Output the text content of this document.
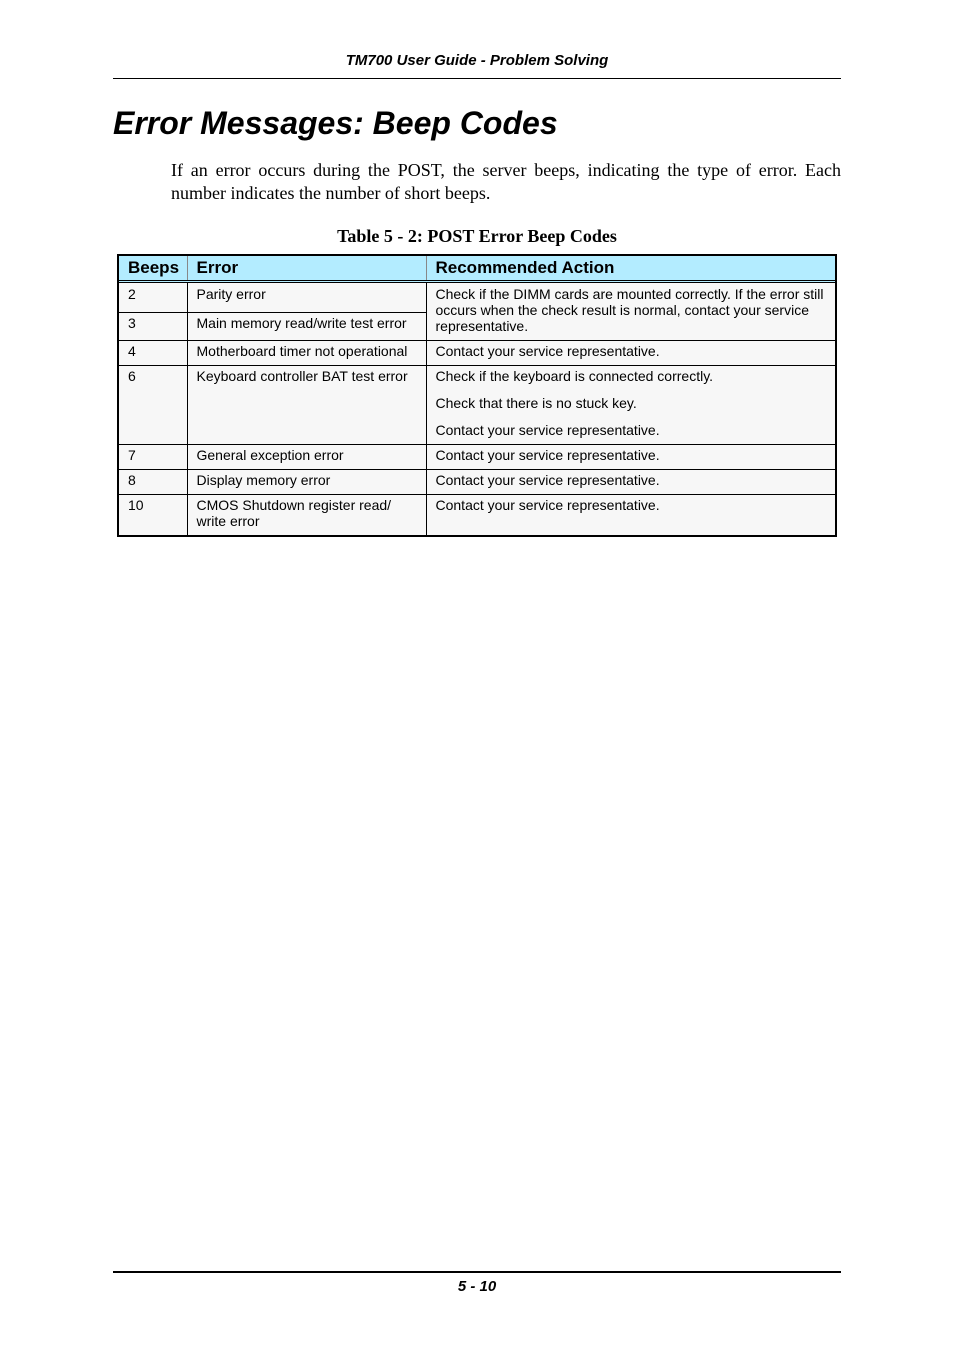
TM700 User Guide - Problem Solving
Error Messages: Beep Codes

If an error occurs during the POST, the server beeps, indicating the type of error. Each number indicates the number of short beeps.

Table 5 - 2: POST Error Beep Codes

Beeps	Error	Recommended Action
2	Parity error	Check if the DIMM cards are mounted correctly. If the error still occurs when the check result is normal, contact your service representative.

3	Main memory read/write test error	
4	Motherboard timer not operational	Contact your service representative.

6	Keyboard controller BAT test error	Check if the keyboard is connected correctly.
Check that there is no stuck key.
Contact your service representative.

7	General exception error	Contact your service representative.

8	Display memory error	Contact your service representative.

10	CMOS Shutdown register read/ write error	Contact your service representative.
5 - 10
